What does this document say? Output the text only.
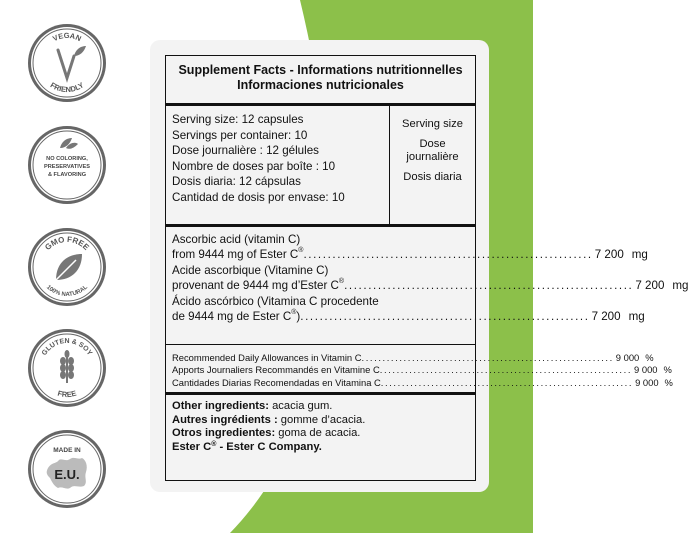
VEGAN
FRIENDLY
NO COLORING,
PRESERVATIVES
& FLAVORING
GMO FREE
100% NATURAL
GLUTEN & SOY
FREE
MADE IN
E.U.
Supplement Facts - Informations nutritionnelles
Informaciones nutricionales
Serving size: 12 capsules
Servings per container: 10
Dose journalière : 12 gélules
Nombre de doses par boîte : 10
Dosis diaria: 12 cápsulas
Cantidad de dosis por envase: 10
Serving size
Dose journalière
Dosis diaria
Ascorbic acid (vitamin C)
from 9444 mg of Ester C® ............................................................ 7 200 mg
Acide ascorbique (Vitamine C)
provenant de 9444 mg d’Ester C® ............................................................ 7 200 mg
Ácido ascórbico (Vitamina C procedente
de 9444 mg de Ester C®) ............................................................ 7 200 mg
Recommended Daily Allowances in Vitamin C ............................................................ 9 000 %
Apports Journaliers Recommandés en Vitamine C ............................................................ 9 000 %
Cantidades Diarias Recomendadas en Vitamina C ............................................................ 9 000 %
Other ingredients: acacia gum.
Autres ingrédients : gomme d’acacia.
Otros ingredientes: goma de acacia.
Ester C® - Ester C Company.
